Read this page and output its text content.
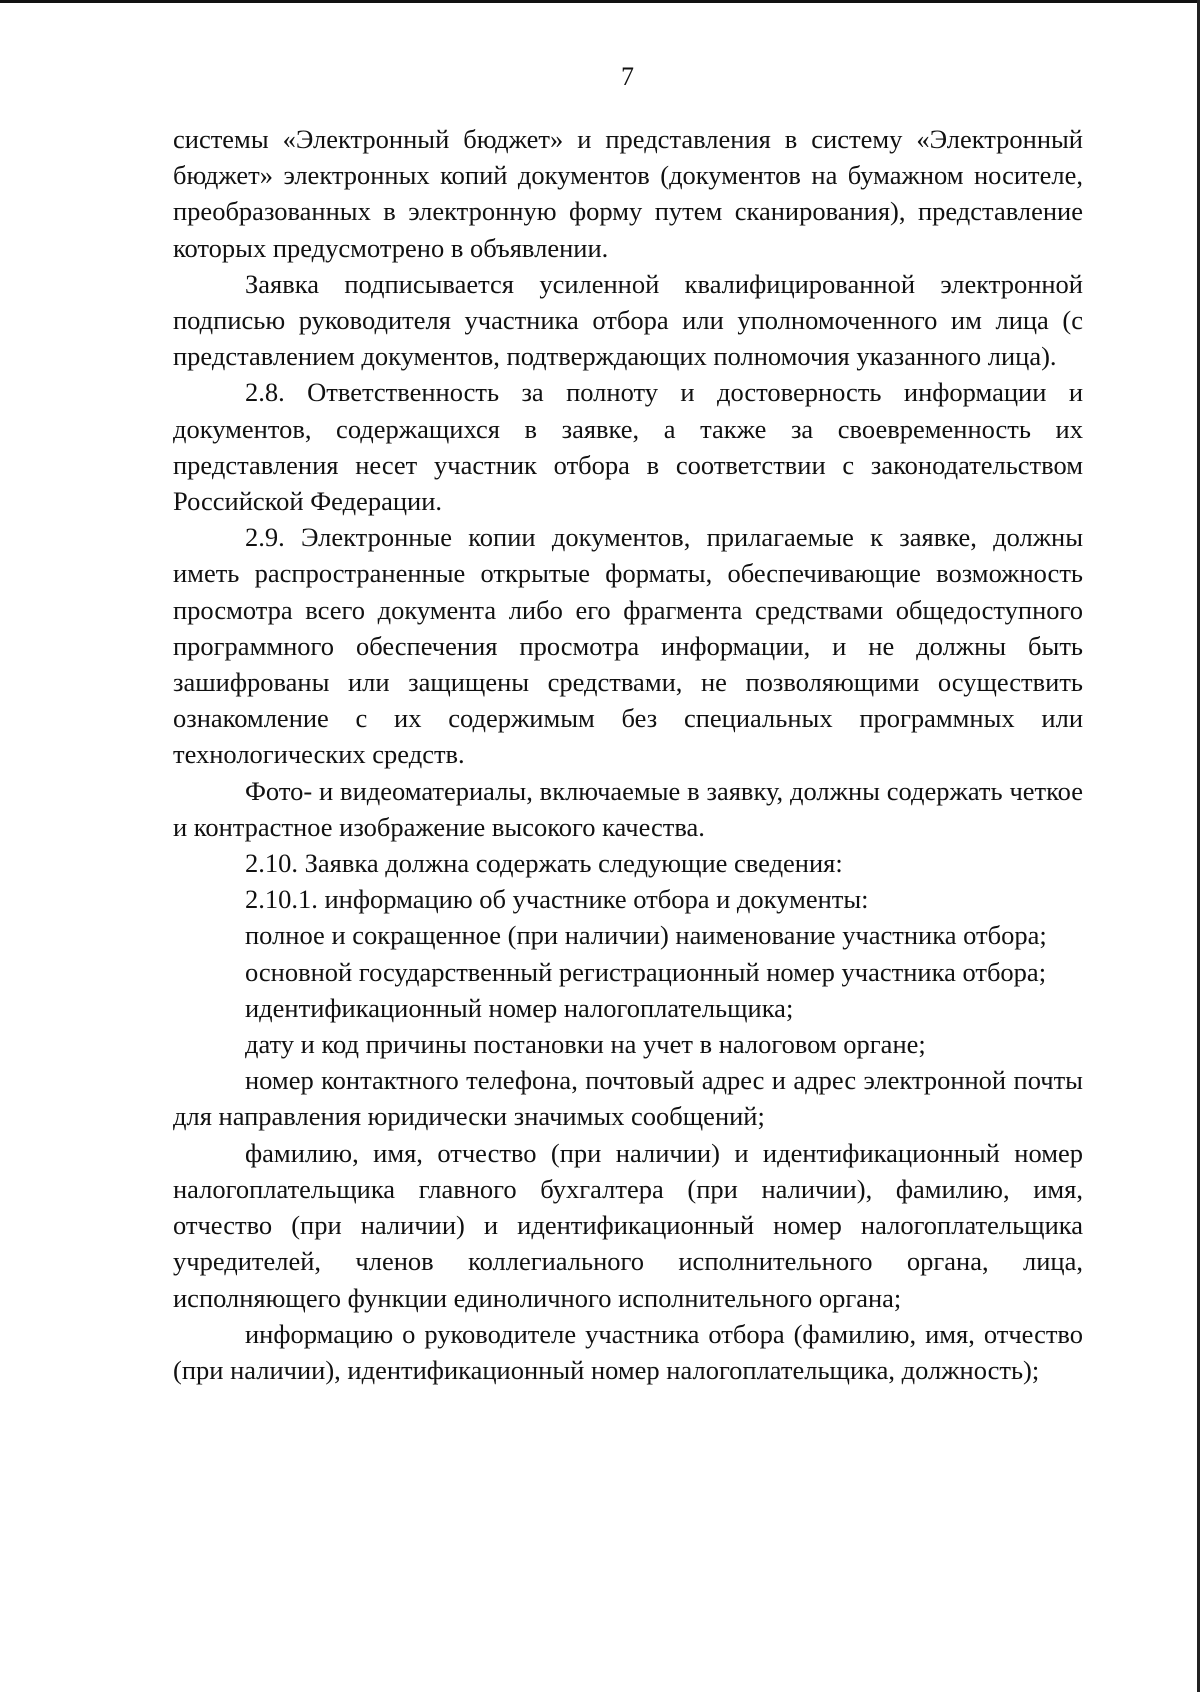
7

системы «Электронный бюджет» и представления в систему «Электронный бюджет» электронных копий документов (документов на бумажном носителе, преобразованных в электронную форму путем сканирования), представление которых предусмотрено в объявлении.

Заявка подписывается усиленной квалифицированной электронной подписью руководителя участника отбора или уполномоченного им лица (с представлением документов, подтверждающих полномочия указанного лица).

2.8. Ответственность за полноту и достоверность информации и документов, содержащихся в заявке, а также за своевременность их представления несет участник отбора в соответствии с законодательством Российской Федерации.

2.9. Электронные копии документов, прилагаемые к заявке, должны иметь распространенные открытые форматы, обеспечивающие возможность просмотра всего документа либо его фрагмента средствами общедоступного программного обеспечения просмотра информации, и не должны быть зашифрованы или защищены средствами, не позволяющими осуществить ознакомление с их содержимым без специальных программных или технологических средств.

Фото- и видеоматериалы, включаемые в заявку, должны содержать четкое и контрастное изображение высокого качества.

2.10. Заявка должна содержать следующие сведения:

2.10.1. информацию об участнике отбора и документы:

полное и сокращенное (при наличии) наименование участника отбора;

основной государственный регистрационный номер участника отбора;

идентификационный номер налогоплательщика;

дату и код причины постановки на учет в налоговом органе;

номер контактного телефона, почтовый адрес и адрес электронной почты для направления юридически значимых сообщений;

фамилию, имя, отчество (при наличии) и идентификационный номер налогоплательщика главного бухгалтера (при наличии), фамилию, имя, отчество (при наличии) и идентификационный номер налогоплательщика учредителей, членов коллегиального исполнительного органа, лица, исполняющего функции единоличного исполнительного органа;

информацию о руководителе участника отбора (фамилию, имя, отчество (при наличии), идентификационный номер налогоплательщика, должность);
